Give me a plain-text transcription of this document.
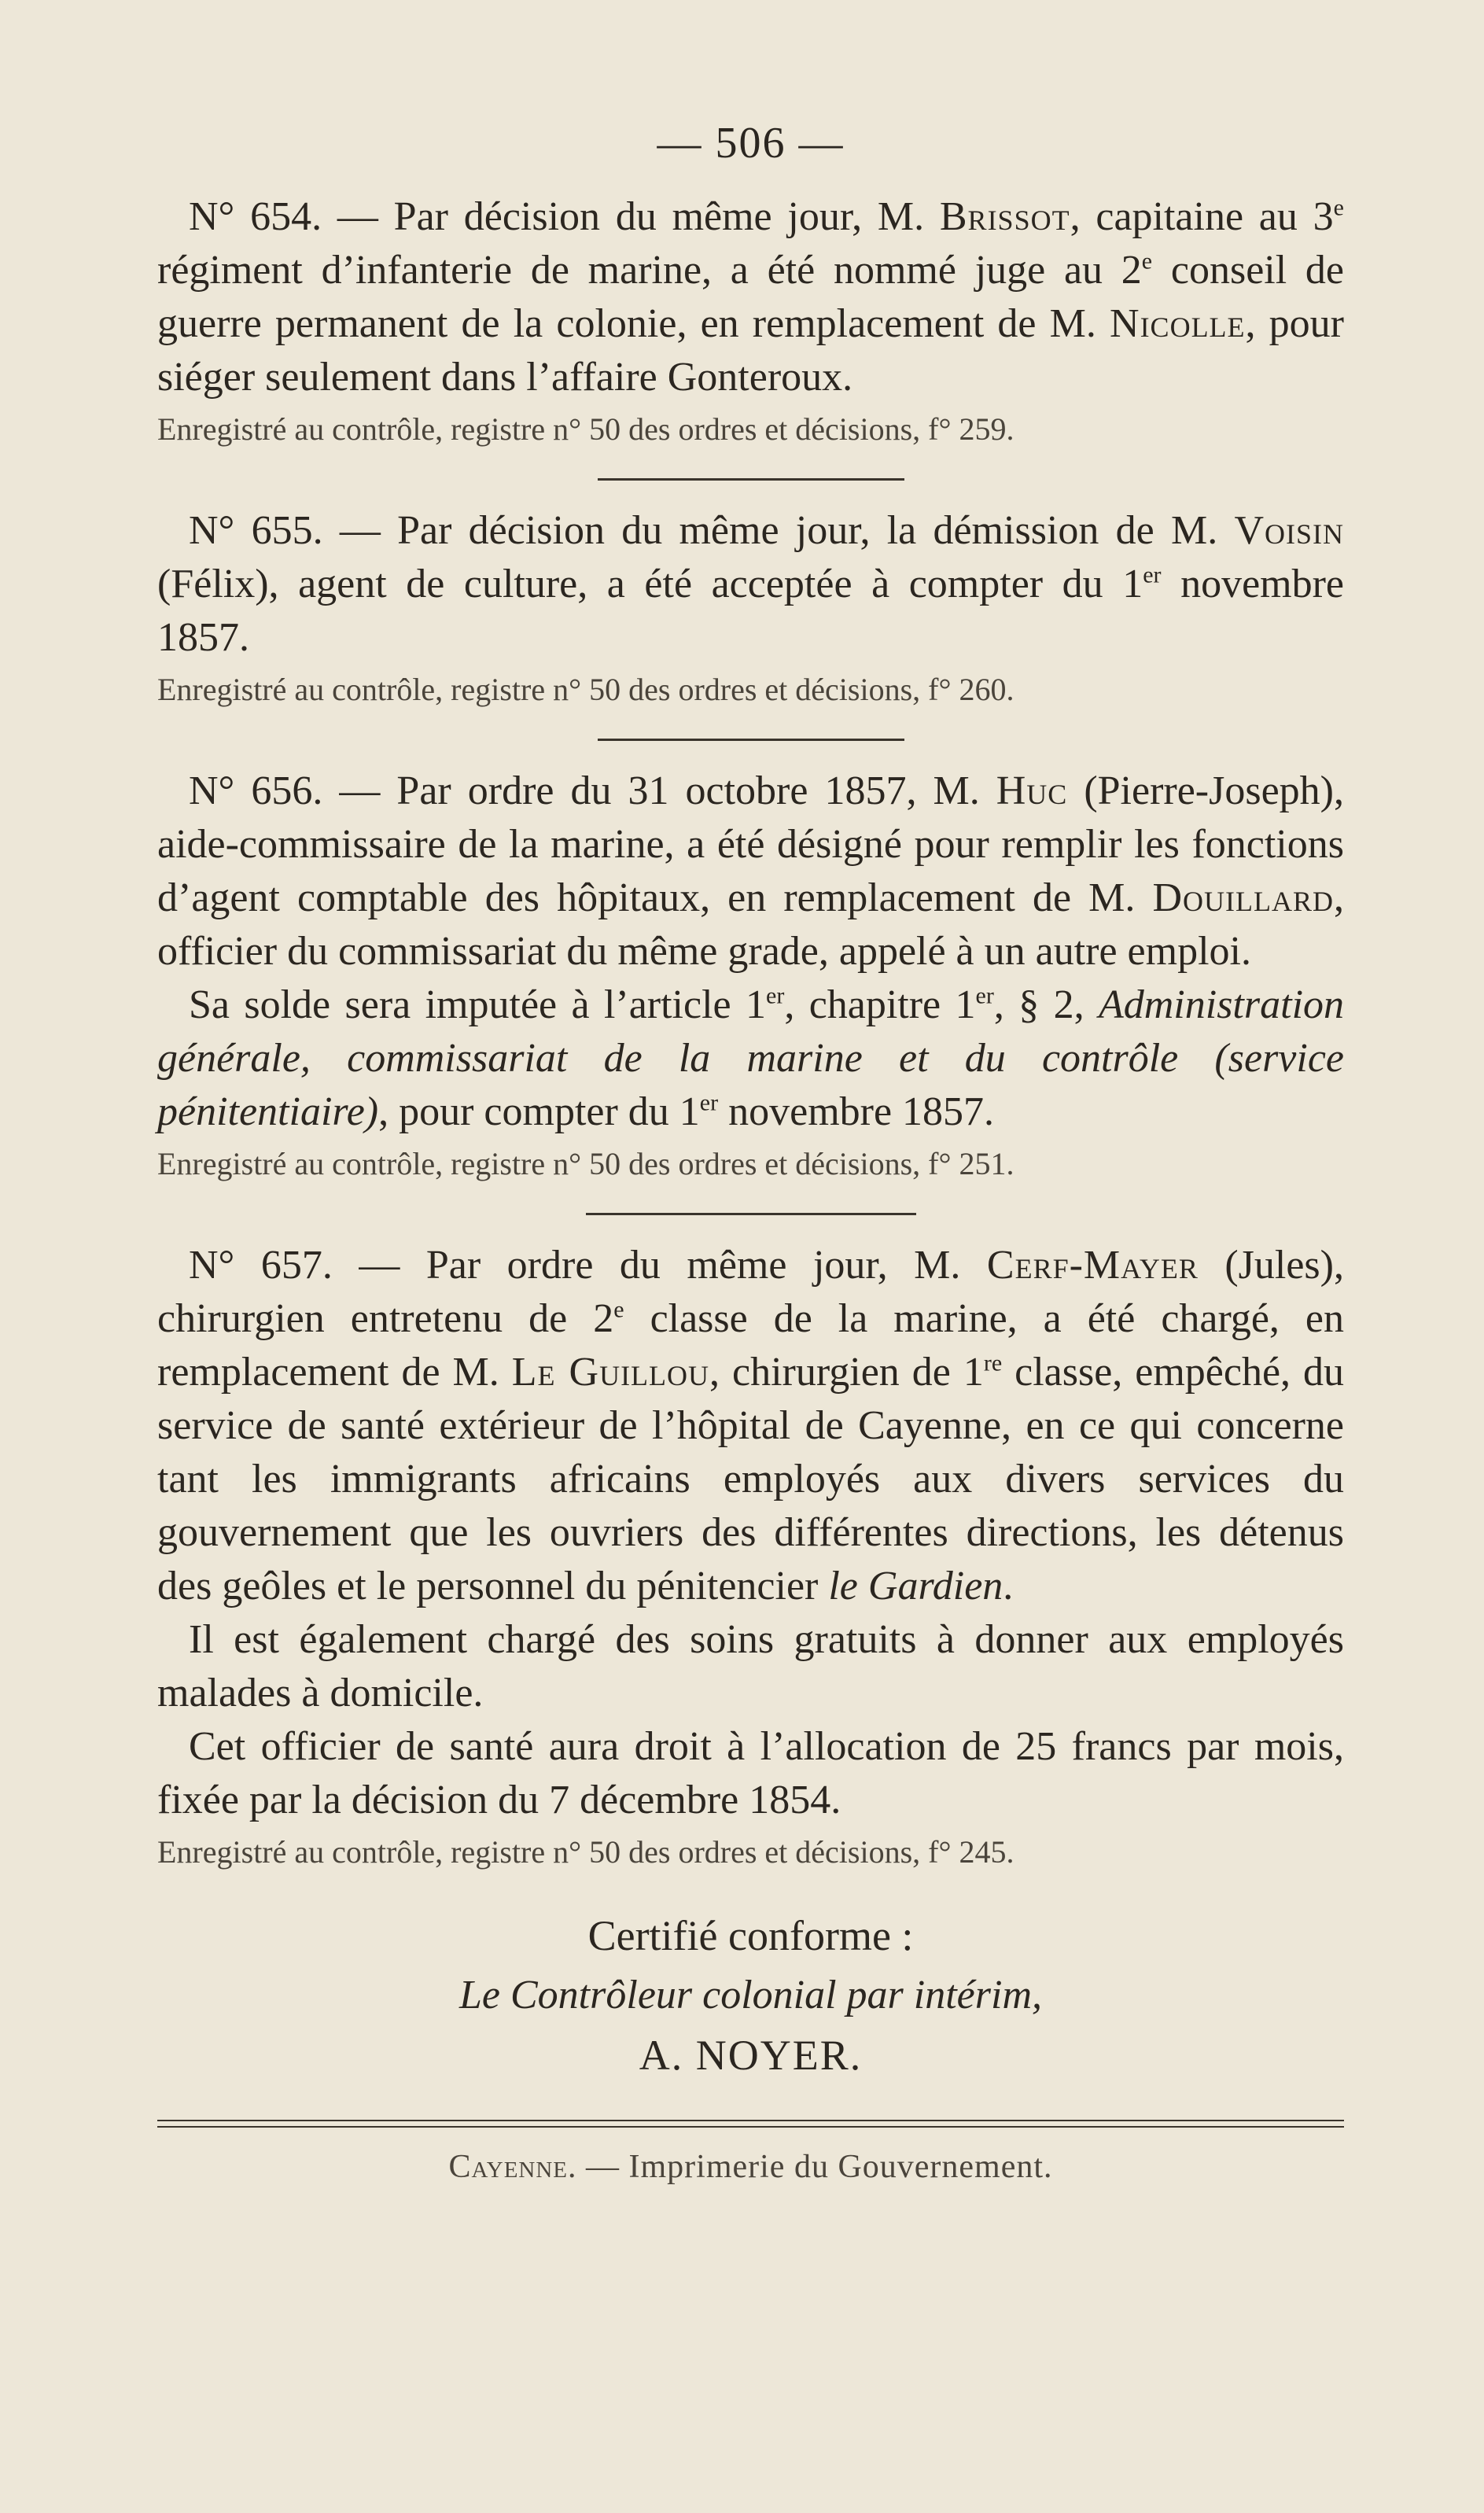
— 506 —

N° 654. — Par décision du même jour, M. Brissot, capitaine au 3e régiment d’infanterie de marine, a été nommé juge au 2e conseil de guerre permanent de la colonie, en remplacement de M. Nicolle, pour siéger seulement dans l’affaire Gonteroux.

Enregistré au contrôle, registre n° 50 des ordres et décisions, f° 259.

N° 655. — Par décision du même jour, la démission de M. Voisin (Félix), agent de culture, a été acceptée à compter du 1er novembre 1857.

Enregistré au contrôle, registre n° 50 des ordres et décisions, f° 260.

N° 656. — Par ordre du 31 octobre 1857, M. Huc (Pierre-Joseph), aide-commissaire de la marine, a été désigné pour remplir les fonctions d’agent comptable des hôpitaux, en remplacement de M. Douillard, officier du commissariat du même grade, appelé à un autre emploi.

Sa solde sera imputée à l’article 1er, chapitre 1er, § 2, Administration générale, commissariat de la marine et du contrôle (service pénitentiaire), pour compter du 1er novembre 1857.

Enregistré au contrôle, registre n° 50 des ordres et décisions, f° 251.

N° 657. — Par ordre du même jour, M. Cerf-Mayer (Jules), chirurgien entretenu de 2e classe de la marine, a été chargé, en remplacement de M. Le Guillou, chirurgien de 1re classe, empêché, du service de santé extérieur de l’hôpital de Cayenne, en ce qui concerne tant les immigrants africains employés aux divers services du gouvernement que les ouvriers des différentes directions, les détenus des geôles et le personnel du pénitencier le Gardien.

Il est également chargé des soins gratuits à donner aux employés malades à domicile.

Cet officier de santé aura droit à l’allocation de 25 francs par mois, fixée par la décision du 7 décembre 1854.

Enregistré au contrôle, registre n° 50 des ordres et décisions, f° 245.
Certifié conforme :
Le Contrôleur colonial par intérim,
A. NOYER.
Cayenne. — Imprimerie du Gouvernement.
